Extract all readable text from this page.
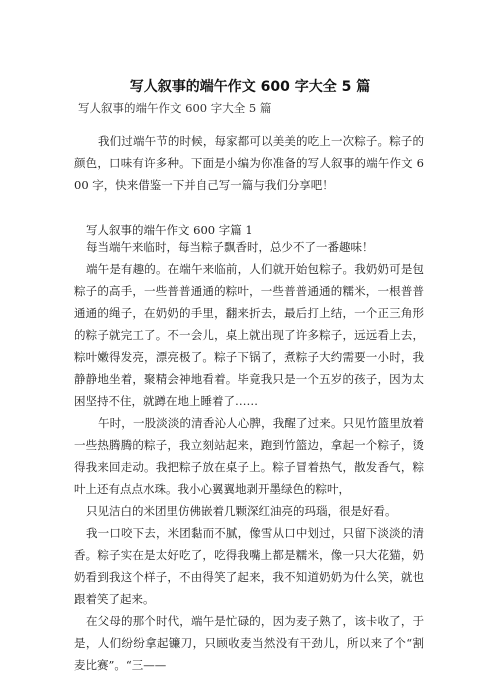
写人叙事的端午作文 600 字大全 5 篇
写人叙事的端午作文 600 字大全 5 篇

我们过端午节的时候，每家都可以美美的吃上一次粽子。粽子的颜色，口味有许多种。下面是小编为你准备的写人叙事的端午作文 600 字，快来借鉴一下并自己写一篇与我们分享吧！

写人叙事的端午作文 600 字篇 1
每当端午来临时，每当粽子飘香时，总少不了一番趣味！
端午是有趣的。在端午来临前，人们就开始包粽子。我奶奶可是包粽子的高手，一些普普通通的粽叶，一些普普通通的糯米，一根普普通通的绳子，在奶奶的手里，翻来折去，最后打上结，一个正三角形的粽子就完工了。不一会儿，桌上就出现了许多粽子，远远看上去，粽叶嫩得发亮，漂亮极了。粽子下锅了，煮粽子大约需要一小时，我静静地坐着，聚精会神地看着。毕竟我只是一个五岁的孩子，因为太困坚持不住，就蹲在地上睡着了……
午时，一股淡淡的清香沁人心脾，我醒了过来。只见竹篮里放着一些热腾腾的粽子，我立刻站起来，跑到竹篮边，拿起一个粽子，烫得我来回走动。我把粽子放在桌子上。粽子冒着热气，散发香气，粽叶上还有点点水珠。我小心翼翼地剥开墨绿色的粽叶，
只见洁白的米团里仿佛嵌着几颗深红油亮的玛瑙，很是好看。
我一口咬下去，米团黏而不腻，像雪从口中划过，只留下淡淡的清香。粽子实在是太好吃了，吃得我嘴上都是糯米，像一只大花猫，奶奶看到我这个样子，不由得笑了起来，我不知道奶奶为什么笑，就也跟着笑了起来。
在父母的那个时代，端午是忙碌的，因为麦子熟了，该卡收了，于是，人们纷纷拿起镰刀，只顾收麦当然没有干劲儿，所以来了个“割麦比赛”。“三——
